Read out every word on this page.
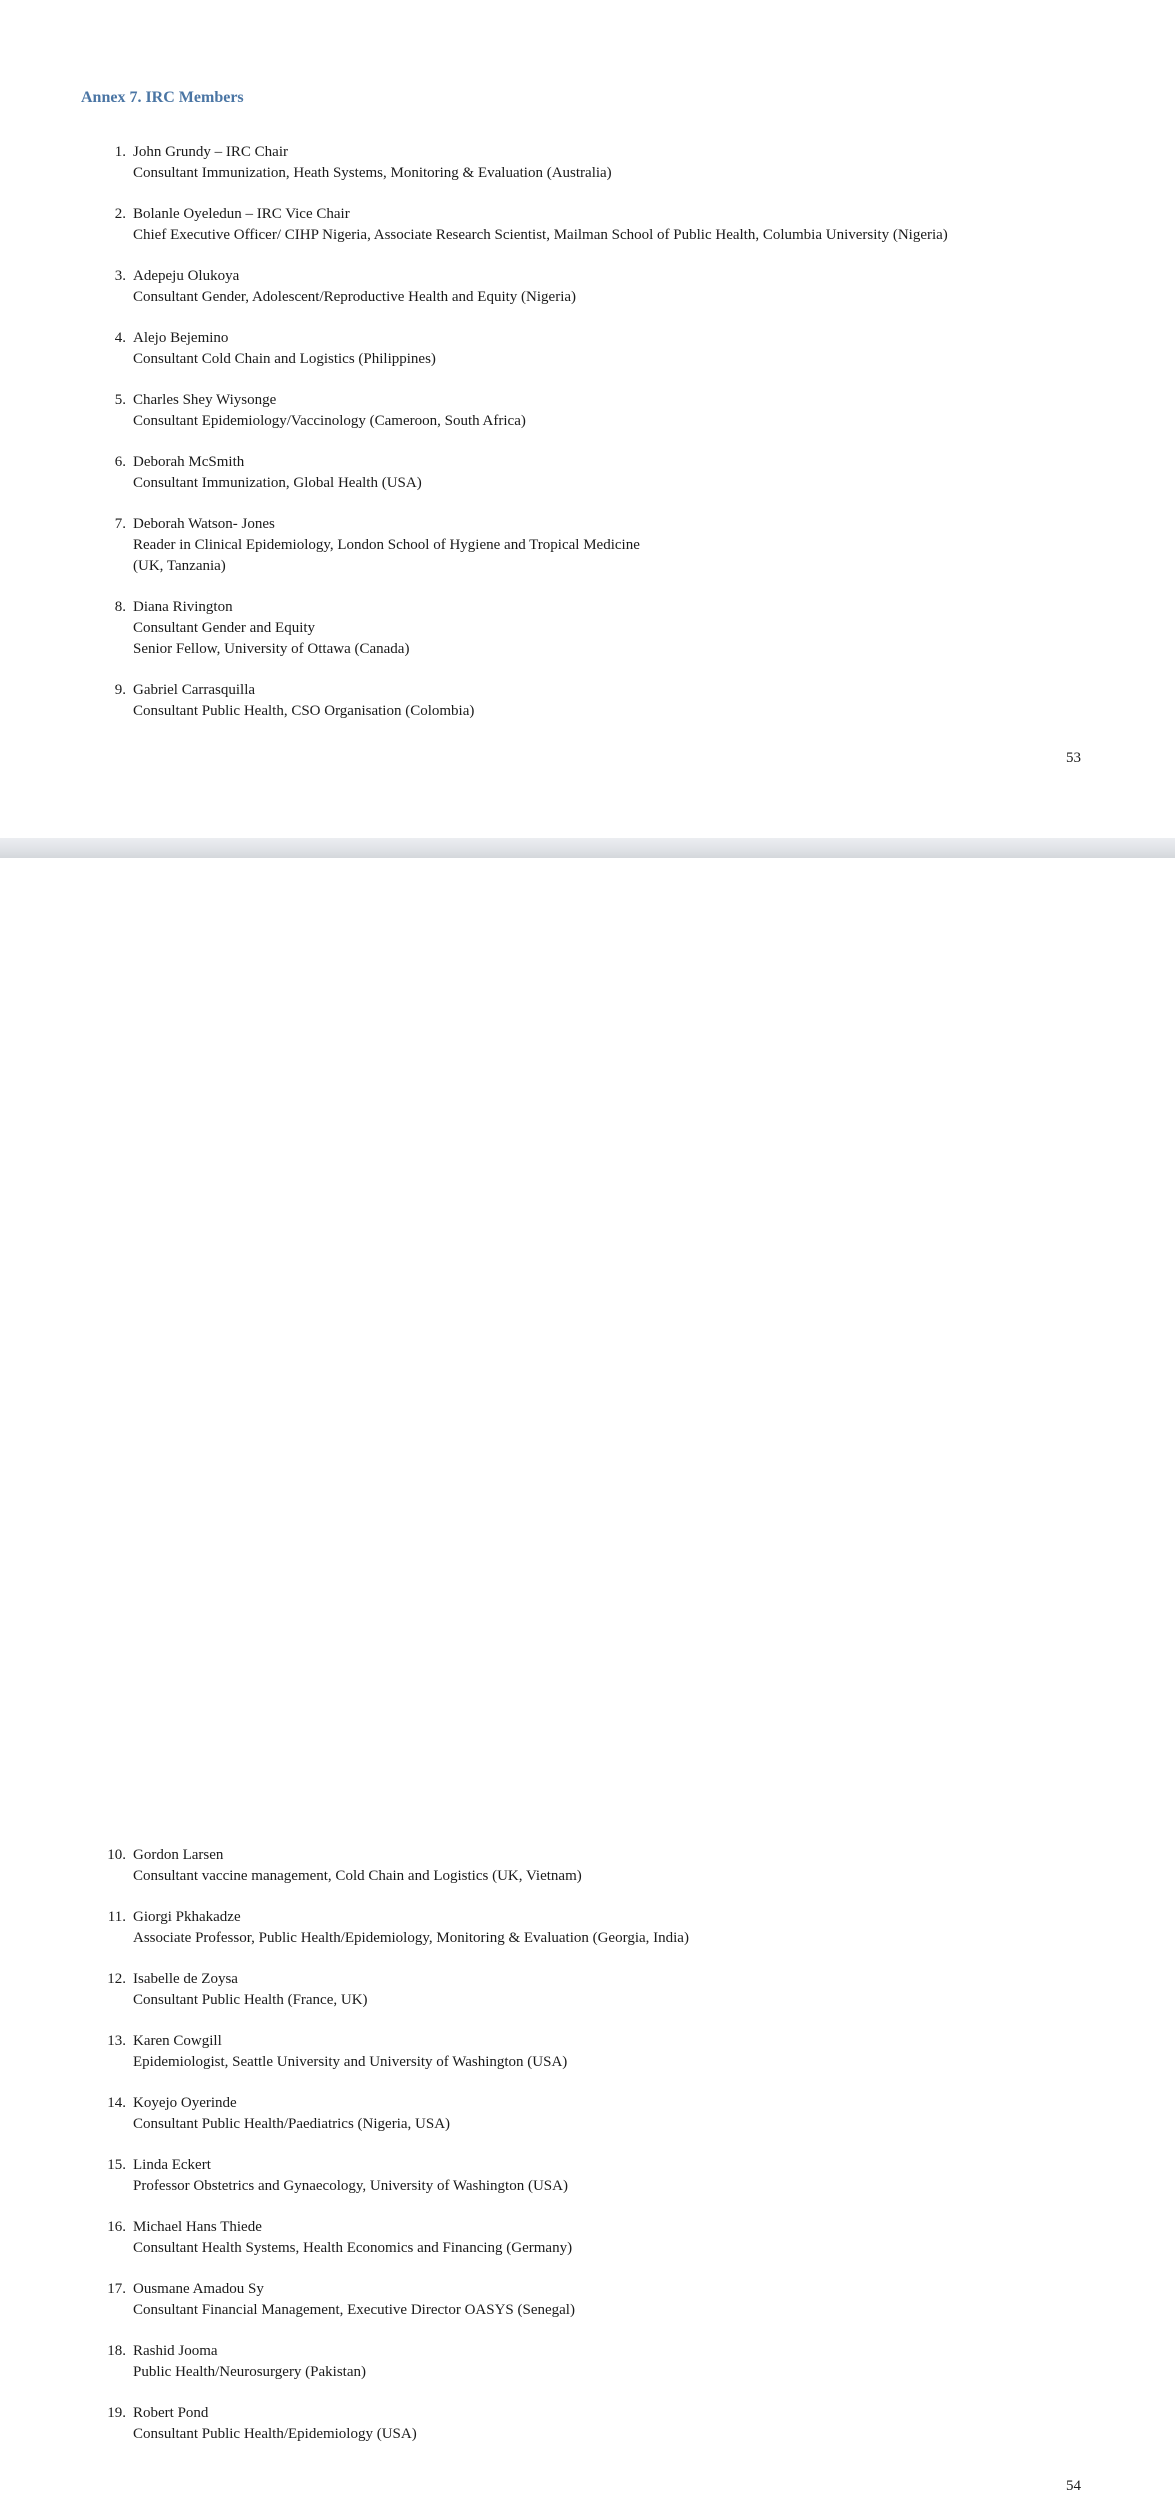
Annex 7. IRC Members
1. John Grundy – IRC Chair
Consultant Immunization, Heath Systems, Monitoring & Evaluation (Australia)
2. Bolanle Oyeledun – IRC Vice Chair
Chief Executive Officer/ CIHP Nigeria, Associate Research Scientist, Mailman School of Public Health, Columbia University (Nigeria)
3. Adepeju Olukoya
Consultant Gender, Adolescent/Reproductive Health and Equity (Nigeria)
4. Alejo Bejemino
Consultant Cold Chain and Logistics (Philippines)
5. Charles Shey Wiysonge
Consultant Epidemiology/Vaccinology (Cameroon, South Africa)
6. Deborah McSmith
Consultant Immunization, Global Health (USA)
7. Deborah Watson- Jones
Reader in Clinical Epidemiology, London School of Hygiene and Tropical Medicine
(UK, Tanzania)
8. Diana Rivington
Consultant Gender and Equity
Senior Fellow, University of Ottawa (Canada)
9. Gabriel Carrasquilla
Consultant Public Health, CSO Organisation (Colombia)
53
10. Gordon Larsen
Consultant vaccine management, Cold Chain and Logistics (UK, Vietnam)
11. Giorgi Pkhakadze
Associate Professor, Public Health/Epidemiology, Monitoring & Evaluation (Georgia, India)
12. Isabelle de Zoysa
Consultant Public Health (France, UK)
13. Karen Cowgill
Epidemiologist, Seattle University and University of Washington (USA)
14. Koyejo Oyerinde
Consultant Public Health/Paediatrics (Nigeria, USA)
15. Linda Eckert
Professor Obstetrics and Gynaecology, University of Washington (USA)
16. Michael Hans Thiede
Consultant Health Systems, Health Economics and Financing (Germany)
17. Ousmane Amadou Sy
Consultant Financial Management, Executive Director OASYS (Senegal)
18. Rashid Jooma
Public Health/Neurosurgery (Pakistan)
19. Robert Pond
Consultant Public Health/Epidemiology (USA)
54
